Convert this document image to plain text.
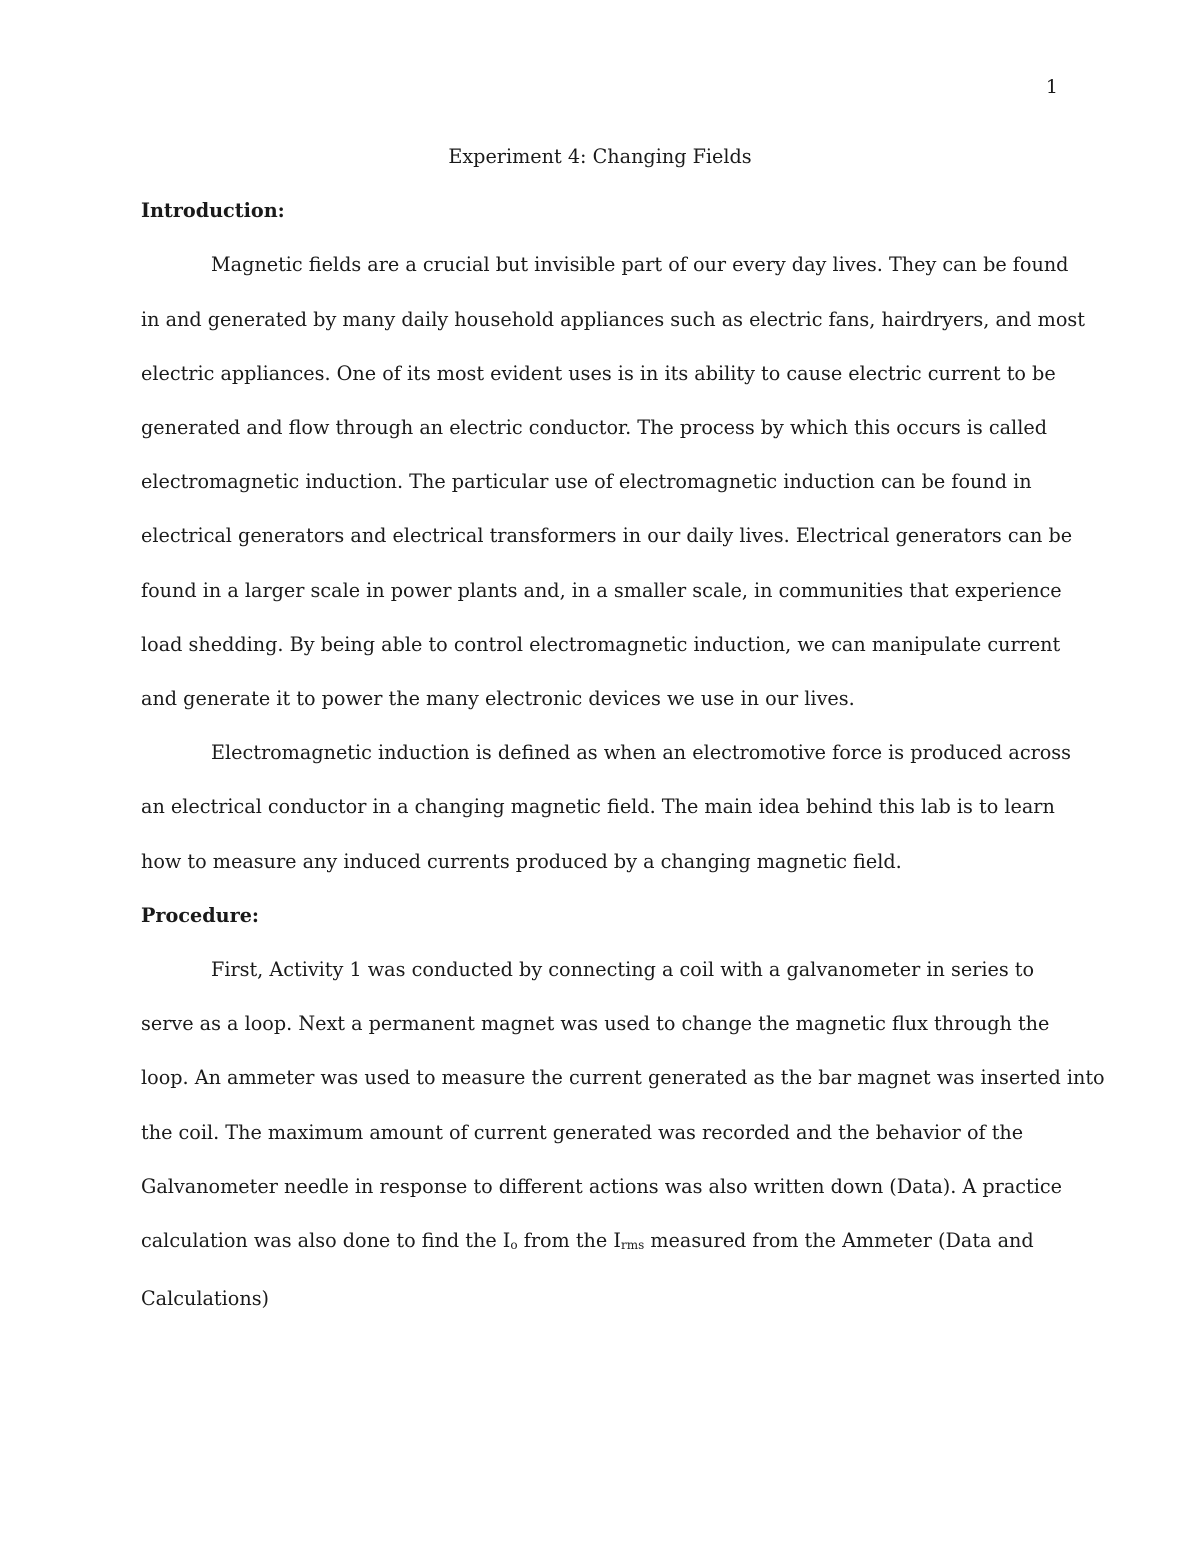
1
Experiment 4: Changing Fields
Introduction:

Magnetic fields are a crucial but invisible part of our every day lives. They can be found
in and generated by many daily household appliances such as electric fans, hairdryers, and most
electric appliances. One of its most evident uses is in its ability to cause electric current to be
generated and flow through an electric conductor. The process by which this occurs is called
electromagnetic induction. The particular use of electromagnetic induction can be found in
electrical generators and electrical transformers in our daily lives. Electrical generators can be
found in a larger scale in power plants and, in a smaller scale, in communities that experience
load shedding. By being able to control electromagnetic induction, we can manipulate current
and generate it to power the many electronic devices we use in our lives.

Electromagnetic induction is defined as when an electromotive force is produced across
an electrical conductor in a changing magnetic field. The main idea behind this lab is to learn
how to measure any induced currents produced by a changing magnetic field.

Procedure:

First, Activity 1 was conducted by connecting a coil with a galvanometer in series to
serve as a loop. Next a permanent magnet was used to change the magnetic flux through the
loop. An ammeter was used to measure the current generated as the bar magnet was inserted into
the coil. The maximum amount of current generated was recorded and the behavior of the
Galvanometer needle in response to different actions was also written down (Data). A practice
calculation was also done to find the Io from the Irms measured from the Ammeter (Data and
Calculations)
